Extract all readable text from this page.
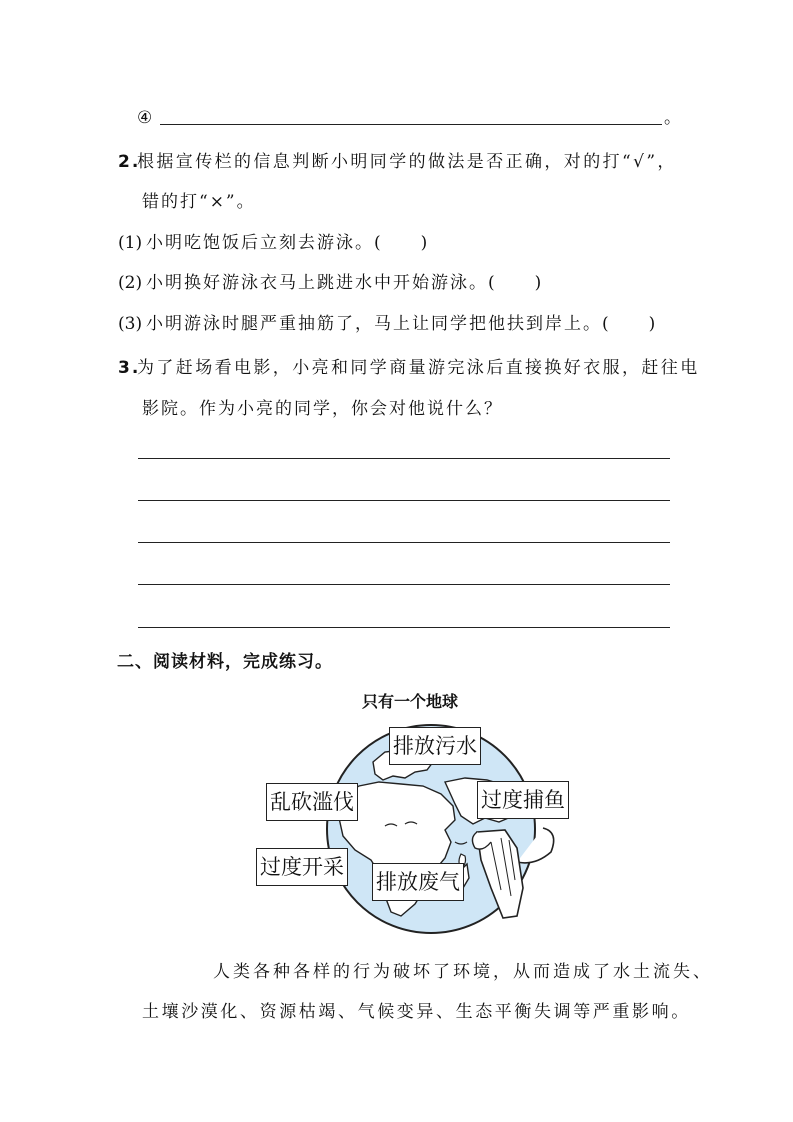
④	。
2.
根据宣传栏的信息判断小明同学的做法是否正确，对的打“√”，
错的打“×”。
(1) 小明吃饱饭后立刻去游泳。(　　)
(2) 小明换好游泳衣马上跳进水中开始游泳。(　　)
(3) 小明游泳时腿严重抽筋了，马上让同学把他扶到岸上。(　　)
3.
为了赶场看电影，小亮和同学商量游完泳后直接换好衣服，赶往电
影院。作为小亮的同学，你会对他说什么？
二、阅读材料，完成练习。
只有一个地球
排放污水
乱砍滥伐	过度捕鱼
过度开采
排放废气
人类各种各样的行为破坏了环境，从而造成了水土流失、
土壤沙漠化、资源枯竭、气候变异、生态平衡失调等严重影响。
